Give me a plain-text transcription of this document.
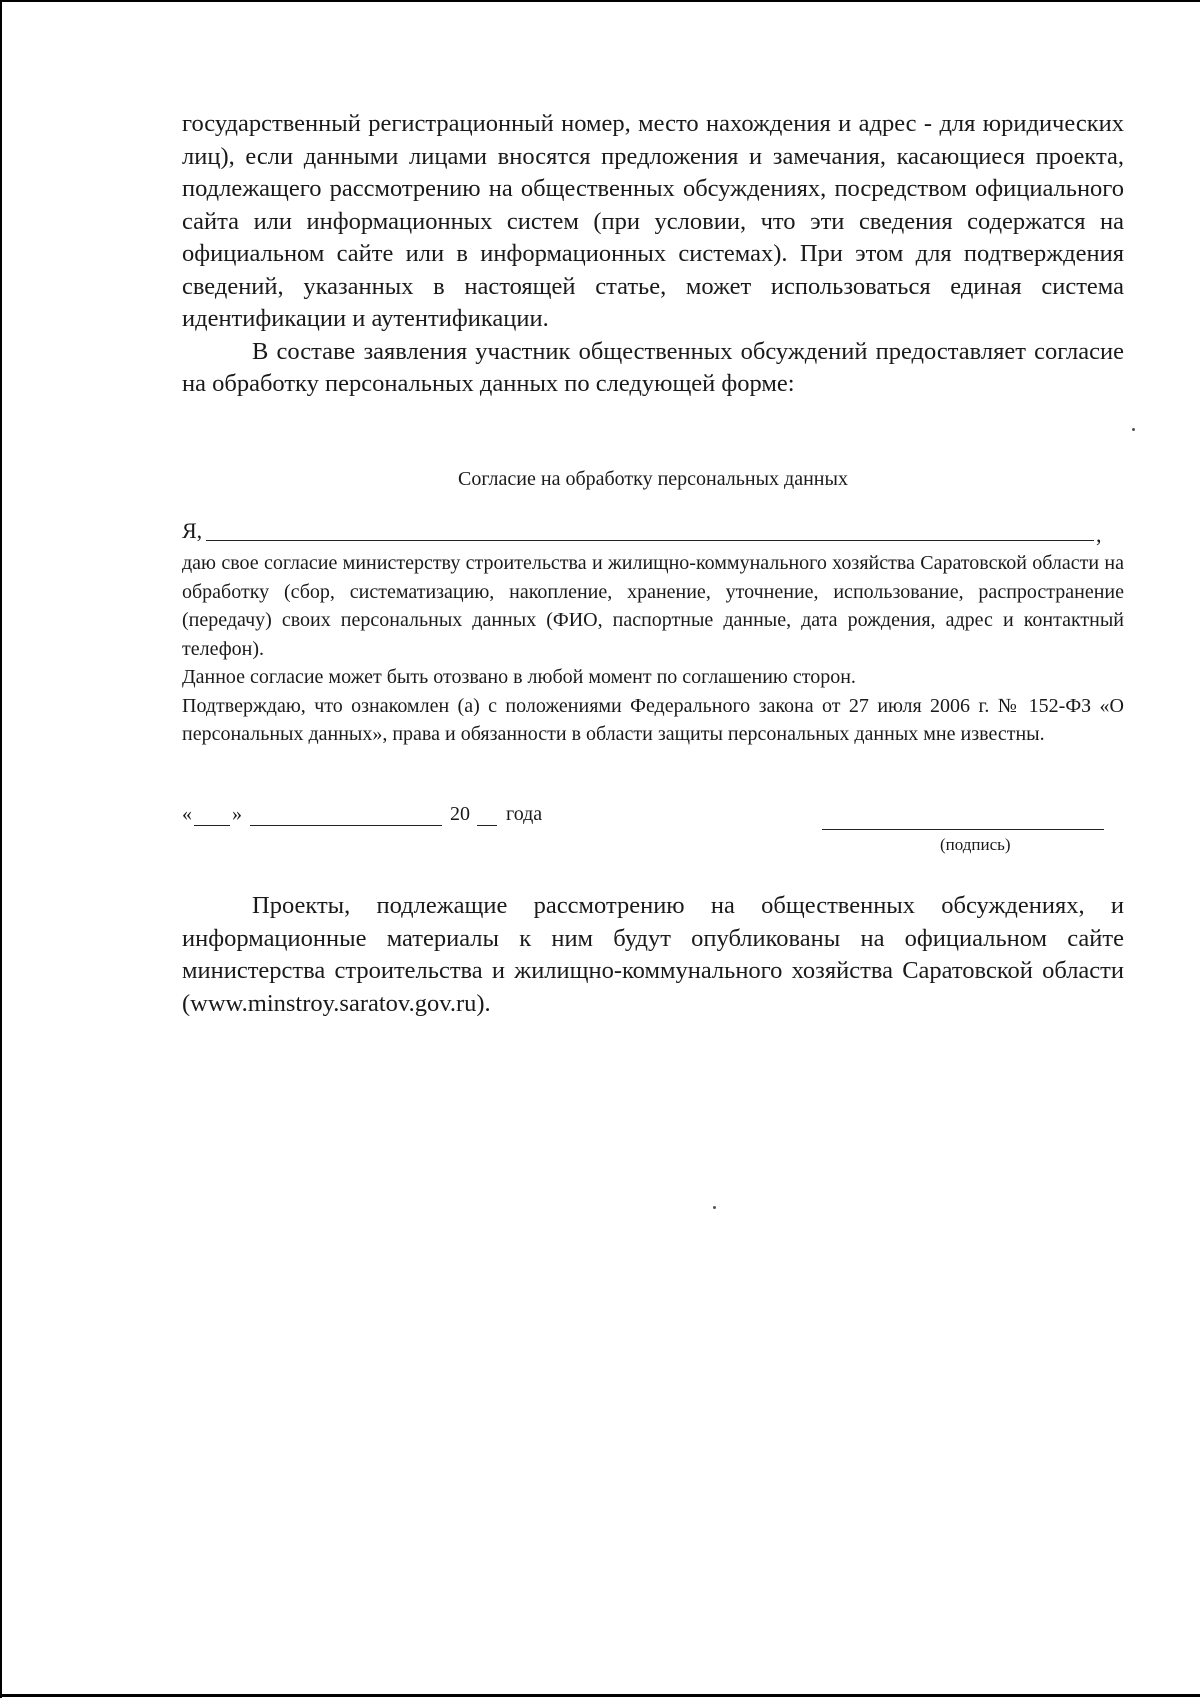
государственный регистрационный номер, место нахождения и адрес - для юридических лиц), если данными лицами вносятся предложения и замечания, касающиеся проекта, подлежащего рассмотрению на общественных обсуждениях, посредством официального сайта или информационных систем (при условии, что эти сведения содержатся на официальном сайте или в информационных системах). При этом для подтверждения сведений, указанных в настоящей статье, может использоваться единая система идентификации и аутентификации.

В составе заявления участник общественных обсуждений предоставляет согласие на обработку персональных данных по следующей форме:

Согласие на обработку персональных данных
Я,	,

даю свое согласие министерству строительства и жилищно-коммунального хозяйства Саратовской области на обработку (сбор, систематизацию, накопление, хранение, уточнение, использование, распространение (передачу) своих персональных данных (ФИО, паспортные данные, дата рождения, адрес и контактный телефон).

Данное согласие может быть отозвано в любой момент по соглашению сторон.

Подтверждаю, что ознакомлен (а) с положениями Федерального закона от 27 июля 2006 г. № 152-ФЗ «О персональных данных», права и обязанности в области защиты персональных данных мне известны.

« »	20 года
(подпись)

Проекты, подлежащие рассмотрению на общественных обсуждениях, и информационные материалы к ним будут опубликованы на официальном сайте министерства строительства и жилищно-коммунального хозяйства Саратовской области (www.minstroy.saratov.gov.ru).
